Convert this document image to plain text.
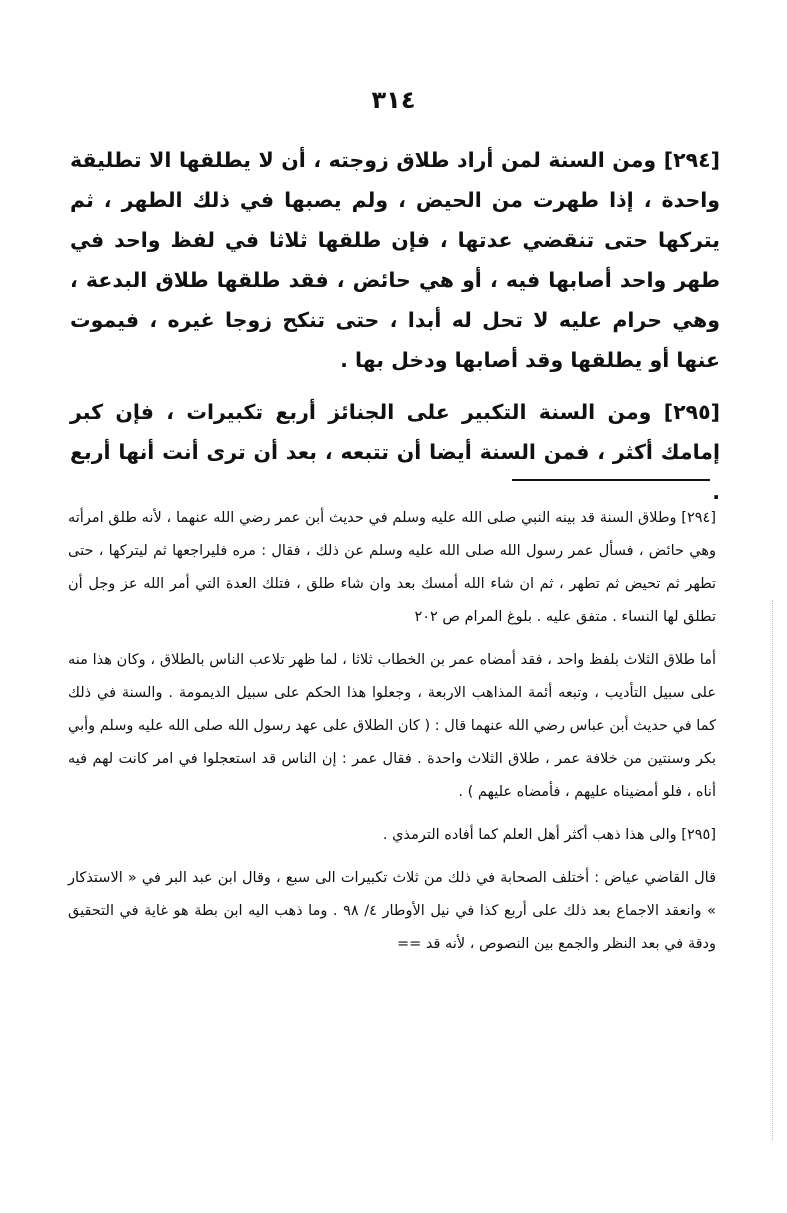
٣١٤

[٢٩٤] ومن السنة لمن أراد طلاق زوجته ، أن لا يطلقها الا تطليقة واحدة ، إذا طهرت من الحيض ، ولم يصبها في ذلك الطهر ، ثم يتركها حتى تنقضي عدتها ، فإن طلقها ثلاثا في لفظ واحد في طهر واحد أصابها فيه ، أو هي حائض ، فقد طلقها طلاق البدعة ، وهي حرام عليه لا تحل له أبدا ، حتى تنكح زوجا غيره ، فيموت عنها أو يطلقها وقد أصابها ودخل بها .

[٢٩٥] ومن السنة التكبير على الجنائز أربع تكبيرات ، فإن كبر إمامك أكثر ، فمن السنة أيضا أن تتبعه ، بعد أن ترى أنت أنها أربع .

[٢٩٤] وطلاق السنة قد بينه النبي صلى الله عليه وسلم في حديث أبن عمر رضي الله عنهما ، لأنه طلق امرأته وهي حائض ، فسأل عمر رسول الله صلى الله عليه وسلم عن ذلك ، فقال : مره فليراجعها ثم ليتركها ، حتى تطهر ثم تحيض ثم تطهر ، ثم ان شاء الله أمسك بعد وان شاء طلق ، فتلك العدة التي أمر الله عز وجل أن تطلق لها النساء . متفق عليه . بلوغ المرام ص ٢٠٢

أما طلاق الثلاث بلفظ واحد ، فقد أمضاه عمر بن الخطاب ثلاثا ، لما ظهر تلاعب الناس بالطلاق ، وكان هذا منه على سبيل التأديب ، وتبعه أئمة المذاهب الاربعة ، وجعلوا هذا الحكم على سبيل الديمومة . والسنة في ذلك كما في حديث أبن عباس رضي الله عنهما قال : ( كان الطلاق على عهد رسول الله صلى الله عليه وسلم وأبي بكر وسنتين من خلافة عمر ، طلاق الثلاث واحدة . فقال عمر : إن الناس قد استعجلوا في امر كانت لهم فيه أناه ، فلو أمضيناه عليهم ، فأمضاه عليهم ) .

[٢٩٥] والى هذا ذهب أكثر أهل العلم كما أفاده الترمذي .

قال القاضي عياض : أختلف الصحابة في ذلك من ثلاث تكبيرات الى سبع ، وقال ابن عبد البر في « الاستذكار » وانعقد الاجماع بعد ذلك على أربع كذا في نيل الأوطار ٤/ ٩٨ . وما ذهب اليه ابن بطة هو غاية في التحقيق ودقة في بعد النظر والجمع بين النصوص ، لأنه قد ==
